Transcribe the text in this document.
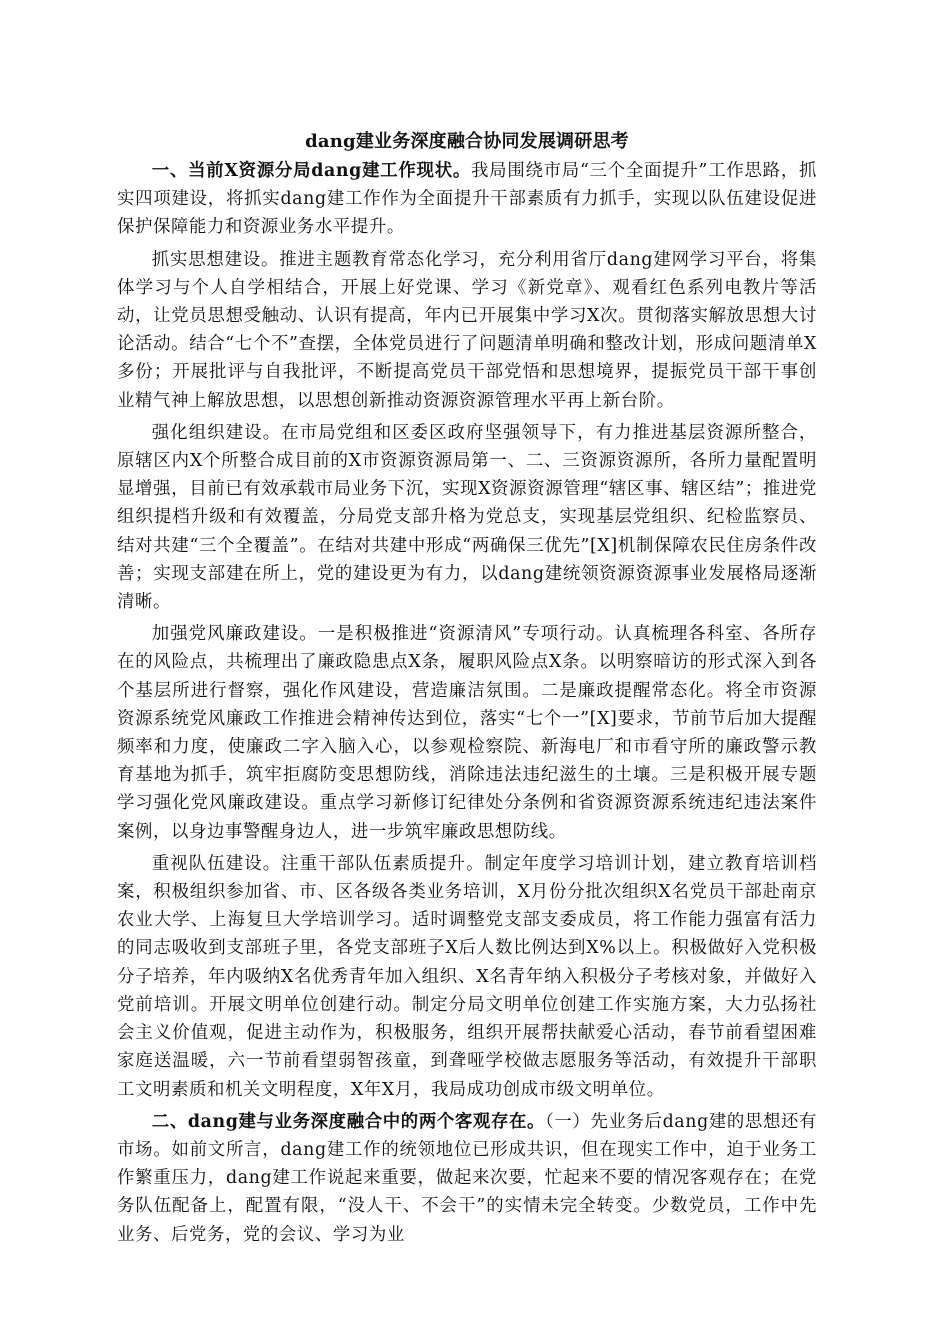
dang建业务深度融合协同发展调研思考

一、当前X资源分局dang建工作现状。我局围绕市局“三个全面提升”工作思路，抓实四项建设，将抓实dang建工作作为全面提升干部素质有力抓手，实现以队伍建设促进保护保障能力和资源业务水平提升。

抓实思想建设。推进主题教育常态化学习，充分利用省厅dang建网学习平台，将集体学习与个人自学相结合，开展上好党课、学习《新党章》、观看红色系列电教片等活动，让党员思想受触动、认识有提高，年内已开展集中学习X次。贯彻落实解放思想大讨论活动。结合“七个不”查摆，全体党员进行了问题清单明确和整改计划，形成问题清单X多份；开展批评与自我批评，不断提高党员干部党悟和思想境界，提振党员干部干事创业精气神上解放思想，以思想创新推动资源资源管理水平再上新台阶。

强化组织建设。在市局党组和区委区政府坚强领导下，有力推进基层资源所整合，原辖区内X个所整合成目前的X市资源资源局第一、二、三资源资源所，各所力量配置明显增强，目前已有效承载市局业务下沉，实现X资源资源管理“辖区事、辖区结”；推进党组织提档升级和有效覆盖，分局党支部升格为党总支，实现基层党组织、纪检监察员、结对共建“三个全覆盖”。在结对共建中形成“两确保三优先”[X]机制保障农民住房条件改善；实现支部建在所上，党的建设更为有力，以dang建统领资源资源事业发展格局逐渐清晰。

加强党风廉政建设。一是积极推进“资源清风”专项行动。认真梳理各科室、各所存在的风险点，共梳理出了廉政隐患点X条，履职风险点X条。以明察暗访的形式深入到各个基层所进行督察，强化作风建设，营造廉洁氛围。二是廉政提醒常态化。将全市资源资源系统党风廉政工作推进会精神传达到位，落实“七个一”[X]要求，节前节后加大提醒频率和力度，使廉政二字入脑入心，以参观检察院、新海电厂和市看守所的廉政警示教育基地为抓手，筑牢拒腐防变思想防线，消除违法违纪滋生的土壤。三是积极开展专题学习强化党风廉政建设。重点学习新修订纪律处分条例和省资源资源系统违纪违法案件案例，以身边事警醒身边人，进一步筑牢廉政思想防线。

重视队伍建设。注重干部队伍素质提升。制定年度学习培训计划，建立教育培训档案，积极组织参加省、市、区各级各类业务培训，X月份分批次组织X名党员干部赴南京农业大学、上海复旦大学培训学习。适时调整党支部支委成员，将工作能力强富有活力的同志吸收到支部班子里，各党支部班子X后人数比例达到X%以上。积极做好入党积极分子培养，年内吸纳X名优秀青年加入组织、X名青年纳入积极分子考核对象，并做好入党前培训。开展文明单位创建行动。制定分局文明单位创建工作实施方案，大力弘扬社会主义价值观，促进主动作为，积极服务，组织开展帮扶献爱心活动，春节前看望困难家庭送温暖，六一节前看望弱智孩童，到聋哑学校做志愿服务等活动，有效提升干部职工文明素质和机关文明程度，X年X月，我局成功创成市级文明单位。

二、dang建与业务深度融合中的两个客观存在。（一）先业务后dang建的思想还有市场。如前文所言，dang建工作的统领地位已形成共识，但在现实工作中，迫于业务工作繁重压力，dang建工作说起来重要，做起来次要，忙起来不要的情况客观存在；在党务队伍配备上，配置有限，“没人干、不会干”的实情未完全转变。少数党员，工作中先业务、后党务，党的会议、学习为业
